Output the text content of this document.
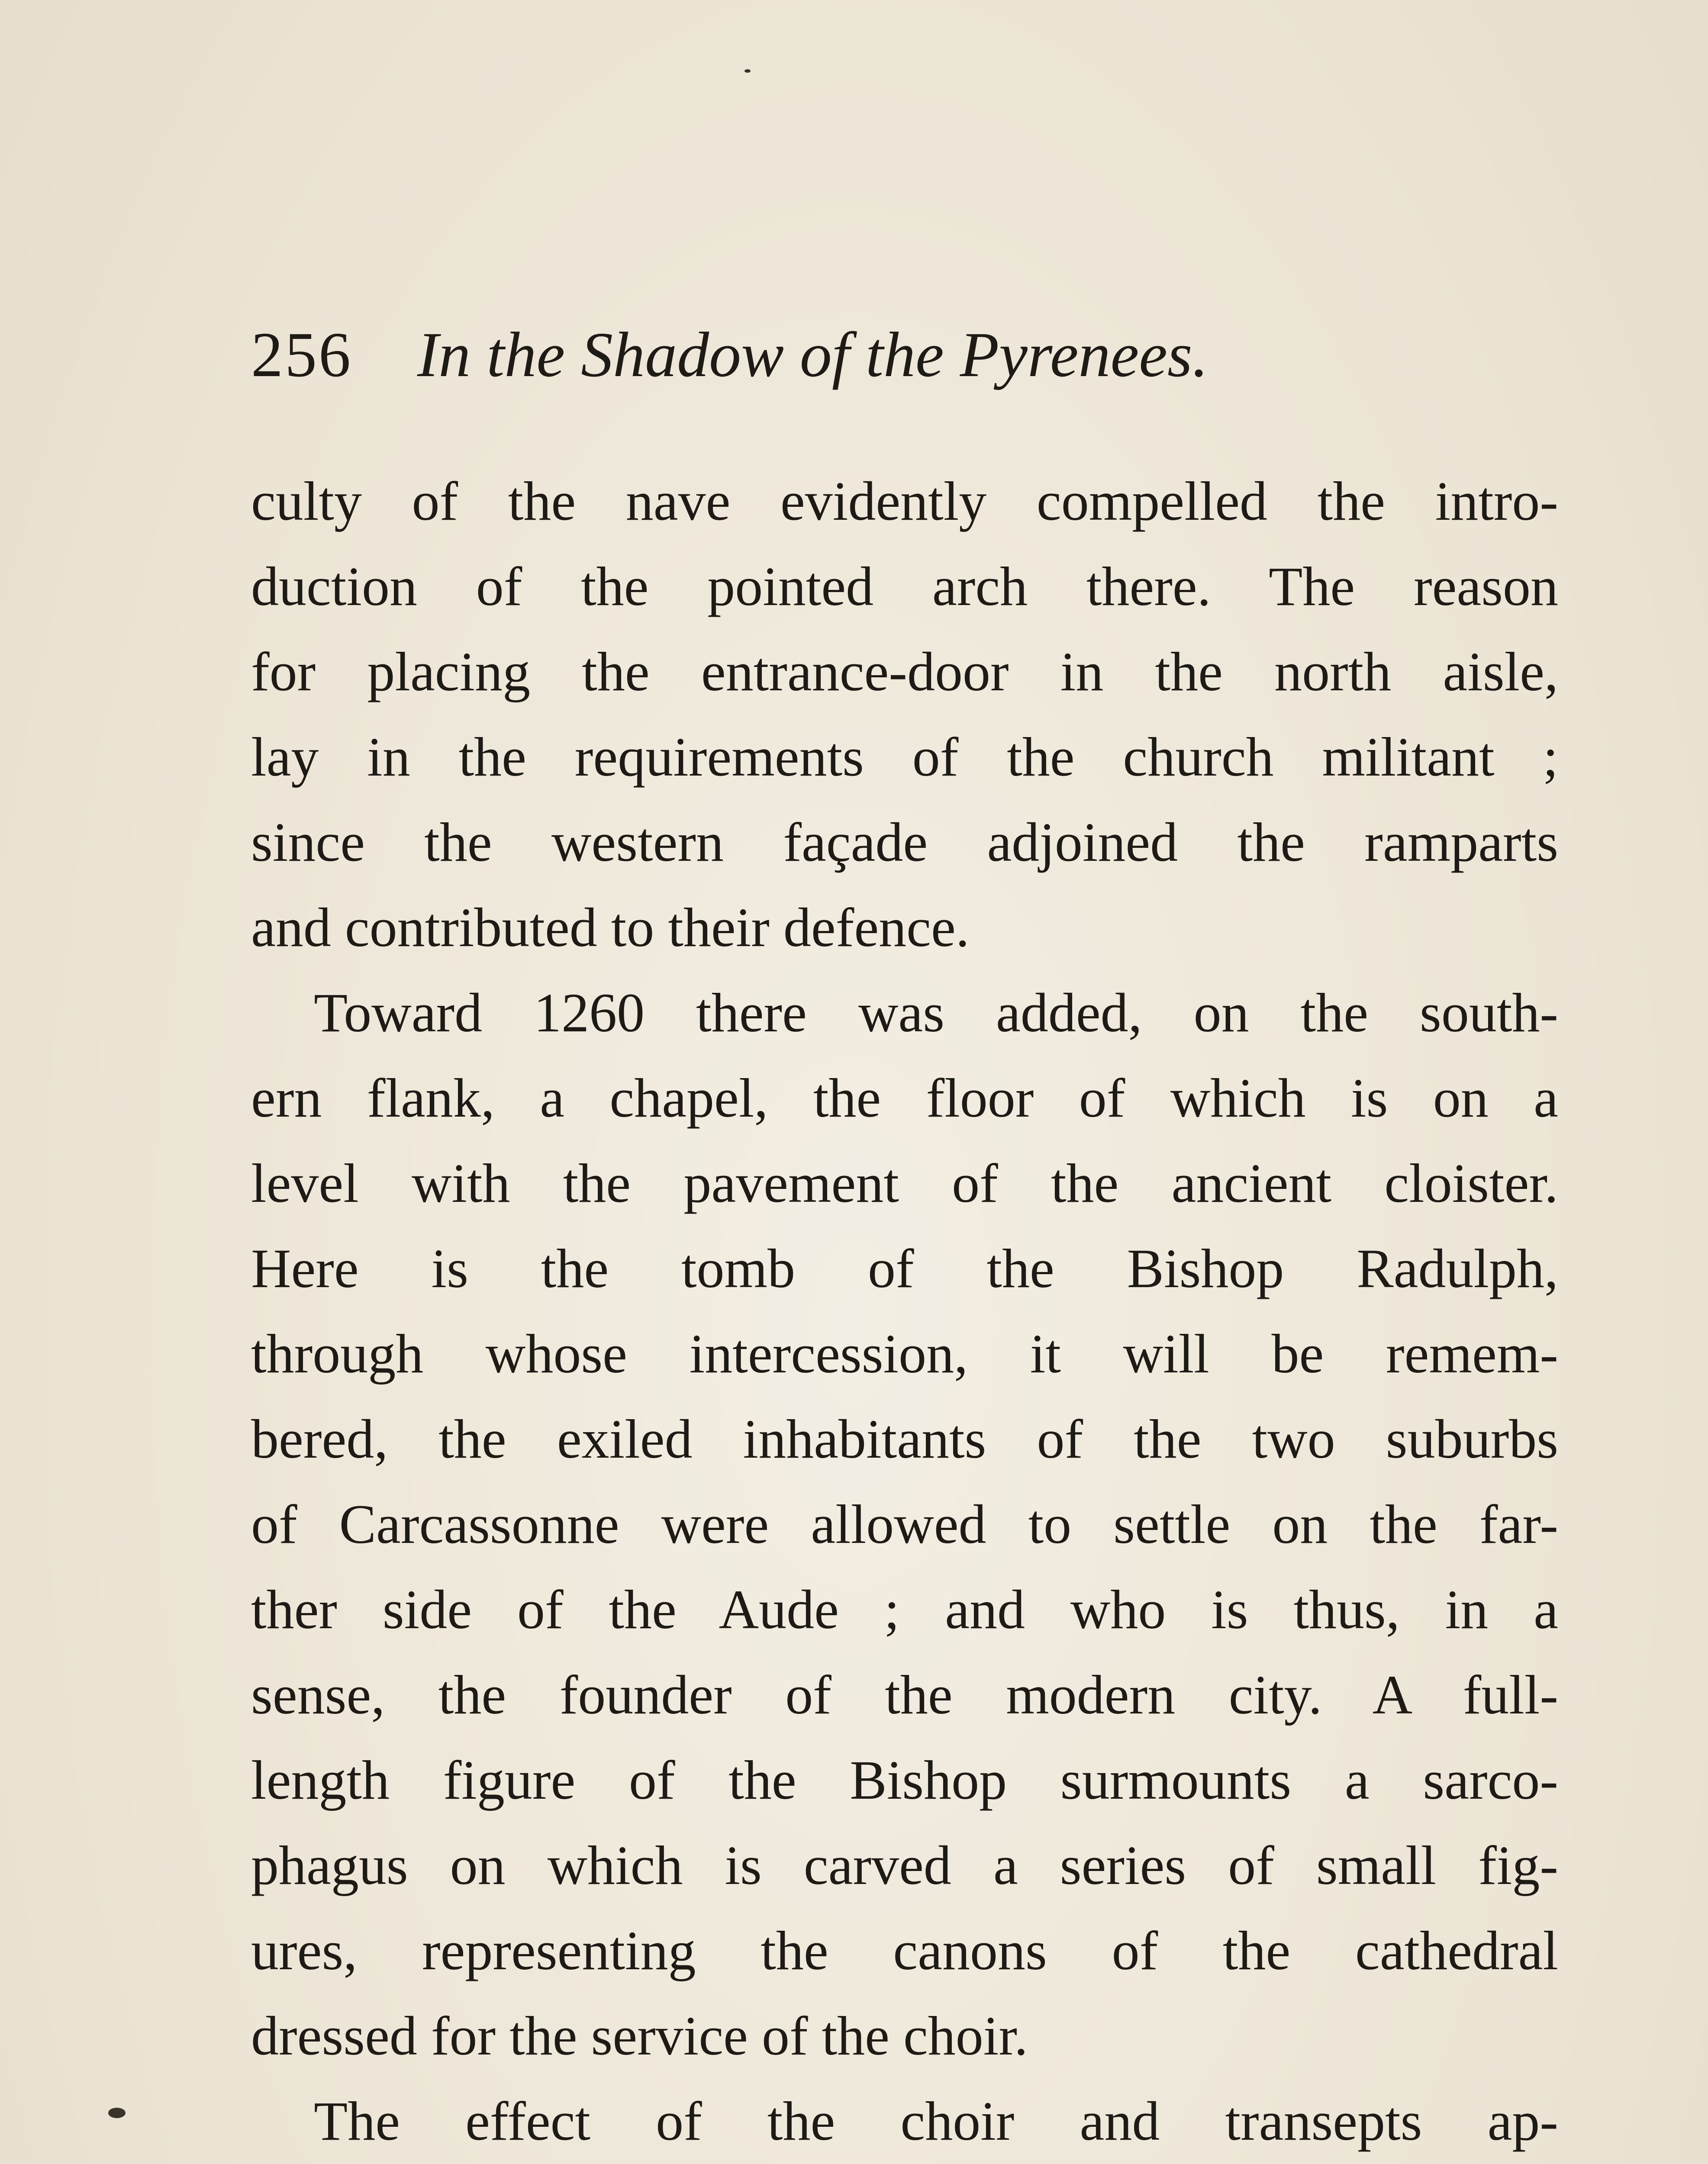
256 In the Shadow of the Pyrenees.
culty of the nave evidently compelled the intro-
duction of the pointed arch there. The reason
for placing the entrance-door in the north aisle,
lay in the requirements of the church militant ;
since the western façade adjoined the ramparts
and contributed to their defence.
Toward 1260 there was added, on the south-
ern flank, a chapel, the floor of which is on a
level with the pavement of the ancient cloister.
Here is the tomb of the Bishop Radulph,
through whose intercession, it will be remem-
bered, the exiled inhabitants of the two suburbs
of Carcassonne were allowed to settle on the far-
ther side of the Aude ; and who is thus, in a
sense, the founder of the modern city. A full-
length figure of the Bishop surmounts a sarco-
phagus on which is carved a series of small fig-
ures, representing the canons of the cathedral
dressed for the service of the choir.
The effect of the choir and transepts ap-
